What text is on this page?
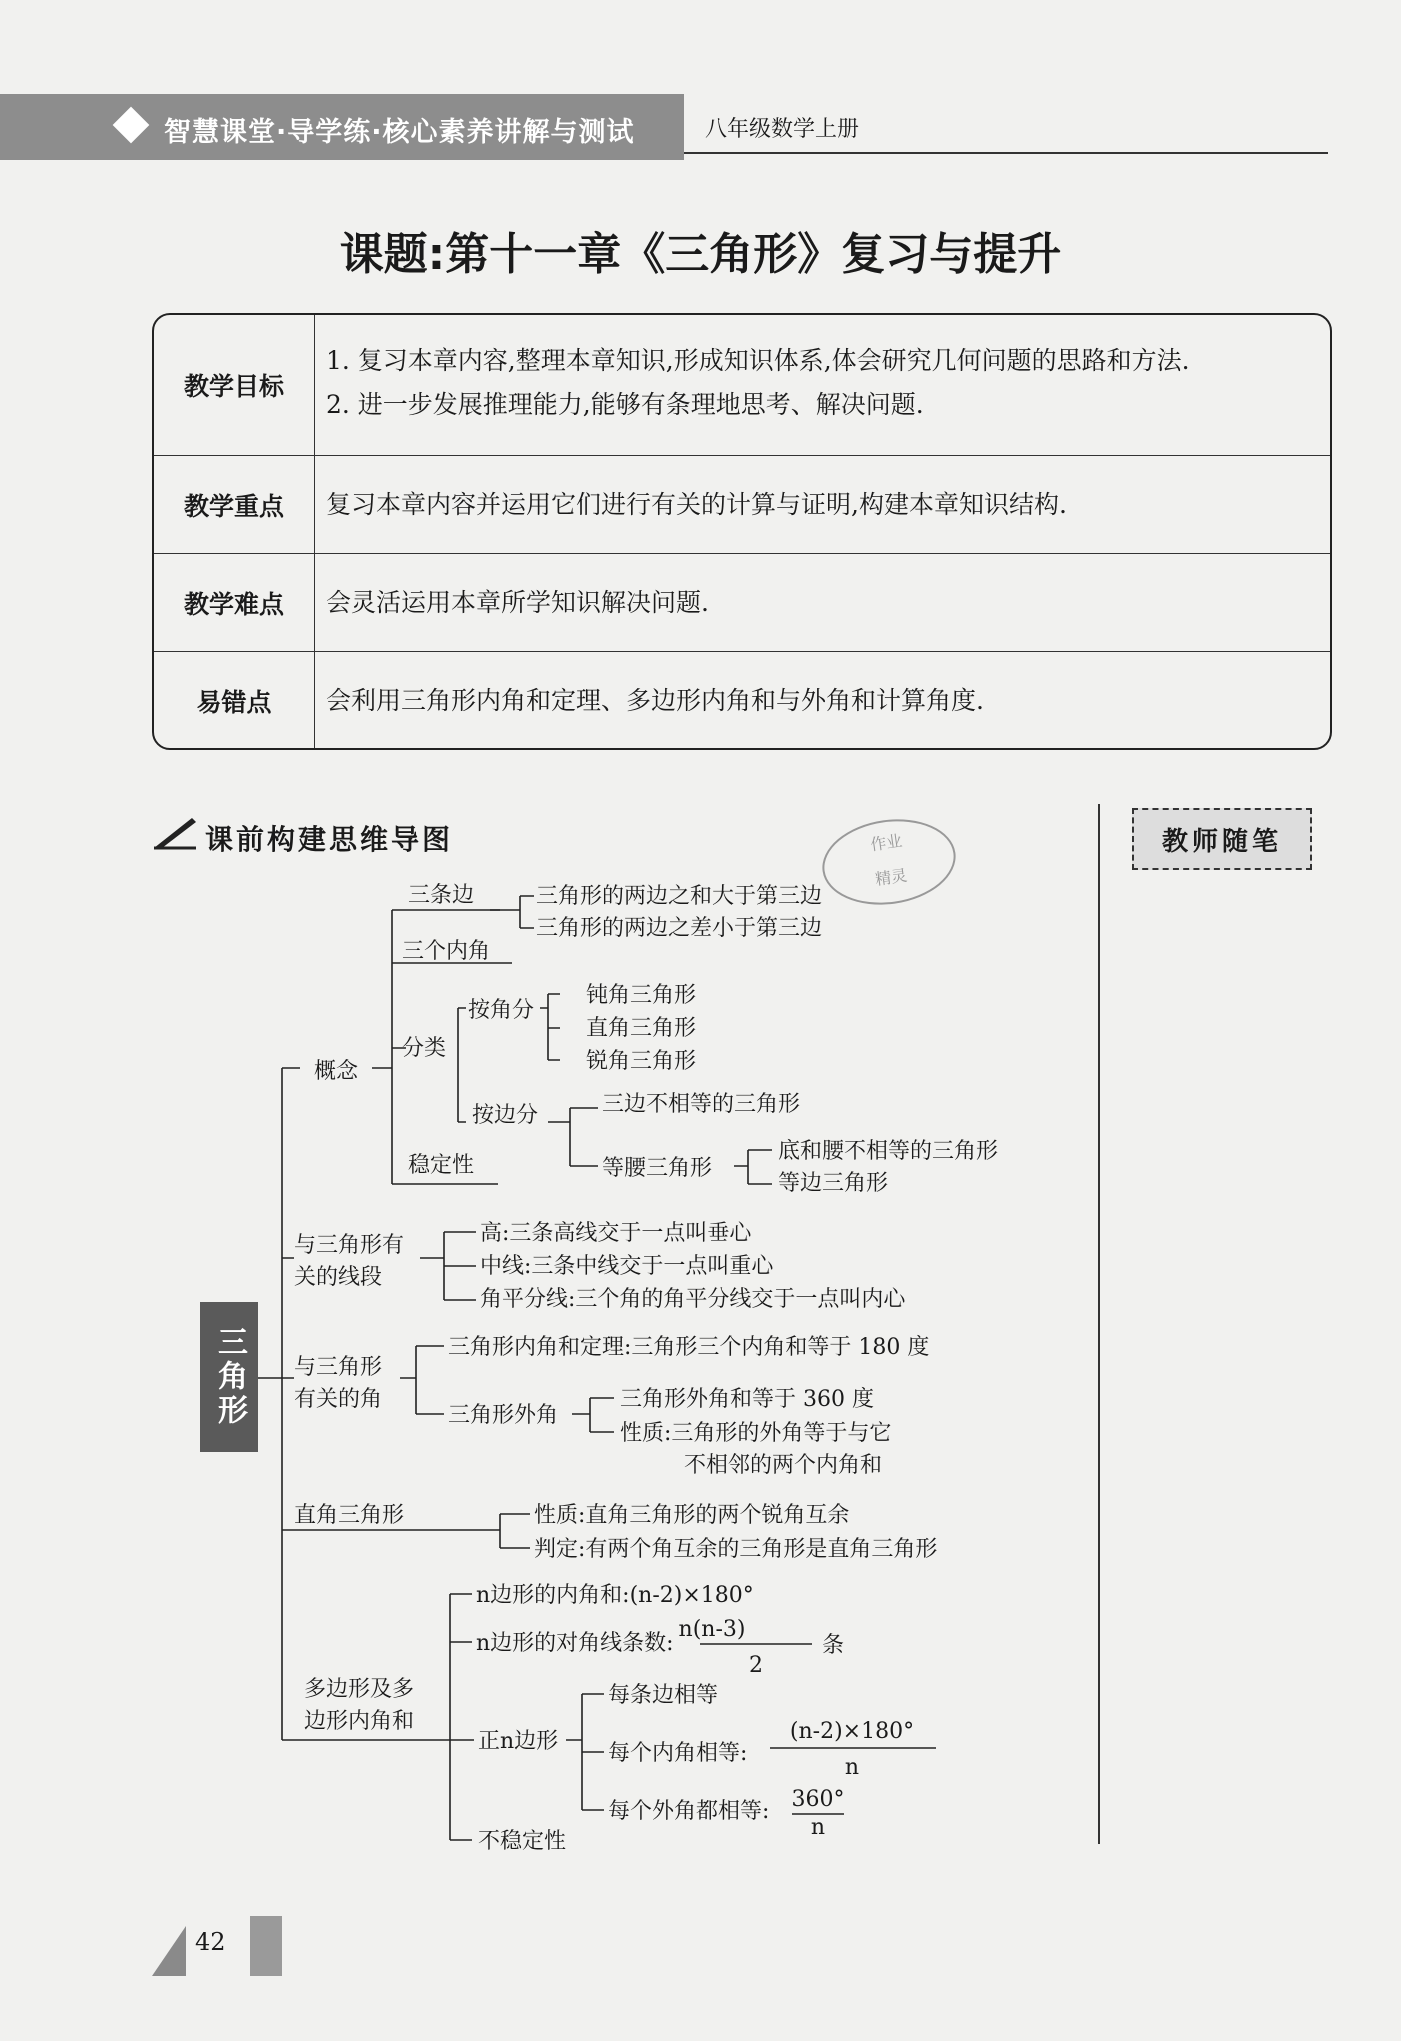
智慧课堂·导学练·核心素养讲解与测试	八年级数学上册
课题:第十一章《三角形》复习与提升
教学目标
1. 复习本章内容,整理本章知识,形成知识体系,体会研究几何问题的思路和方法.
2. 进一步发展推理能力,能够有条理地思考、解决问题.
教学重点	复习本章内容并运用它们进行有关的计算与证明,构建本章知识结构.
教学难点	会灵活运用本章所学知识解决问题.
易错点	会利用三角形内角和定理、多边形内角和与外角和计算角度.
课前构建思维导图	教师随笔
作业
精灵
三角形
概念
三条边	三角形的两边之和大于第三边
三角形的两边之差小于第三边
三个内角
分类
按角分
钝角三角形
直角三角形
锐角三角形
按边分	三边不相等的三角形
等腰三角形
底和腰不相等的三角形
等边三角形
稳定性
与三角形有
关的线段
高:三条高线交于一点叫垂心
中线:三条中线交于一点叫重心
角平分线:三个角的角平分线交于一点叫内心
与三角形
有关的角
三角形内角和定理:三角形三个内角和等于 180 度
三角形外角
三角形外角和等于 360 度
性质:三角形的外角等于与它
不相邻的两个内角和
直角三角形	性质:直角三角形的两个锐角互余
判定:有两个角互余的三角形是直角三角形
多边形及多
边形内角和
n边形的内角和:(n-2)×180°
n边形的对角线条数:
n(n-3)
2
条
正n边形
每条边相等
每个内角相等:
(n-2)×180°
n
每个外角都相等: 360°
n
不稳定性
42
